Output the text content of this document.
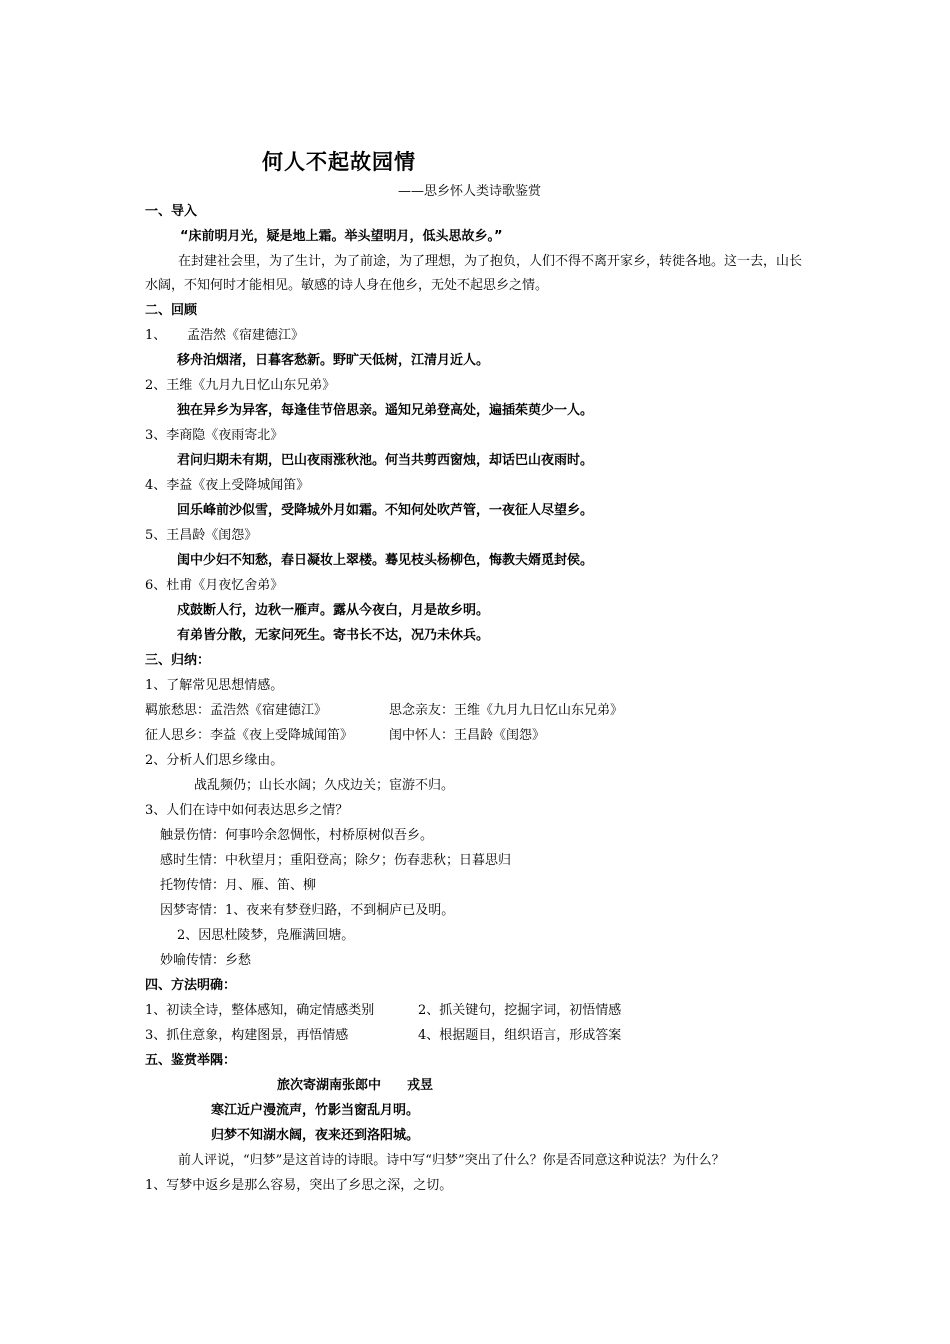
何人不起故园情
——思乡怀人类诗歌鉴赏
一、导入
“床前明月光，疑是地上霜。举头望明月，低头思故乡。”
在封建社会里，为了生计，为了前途，为了理想，为了抱负，人们不得不离开家乡，转徙各地。这一去，山长水阔，不知何时才能相见。敏感的诗人身在他乡，无处不起思乡之情。
二、回顾
1、 孟浩然《宿建德江》
移舟泊烟渚，日暮客愁新。野旷天低树，江清月近人。
2、王维《九月九日忆山东兄弟》
独在异乡为异客，每逢佳节倍思亲。遥知兄弟登高处，遍插茱萸少一人。
3、李商隐《夜雨寄北》
君问归期未有期，巴山夜雨涨秋池。何当共剪西窗烛，却话巴山夜雨时。
4、李益《夜上受降城闻笛》
回乐峰前沙似雪，受降城外月如霜。不知何处吹芦管，一夜征人尽望乡。
5、王昌龄《闺怨》
闺中少妇不知愁，春日凝妆上翠楼。蓦见枝头杨柳色，悔教夫婿觅封侯。
6、杜甫《月夜忆舍弟》
戍鼓断人行，边秋一雁声。露从今夜白，月是故乡明。
有弟皆分散，无家问死生。寄书长不达，况乃未休兵。
三、归纳：
1、了解常见思想情感。
羁旅愁思：孟浩然《宿建德江》	思念亲友：王维《九月九日忆山东兄弟》
征人思乡：李益《夜上受降城闻笛》	闺中怀人：王昌龄《闺怨》
2、分析人们思乡缘由。
战乱频仍；山长水阔；久戍边关；宦游不归。
3、人们在诗中如何表达思乡之情？
触景伤情：何事吟余忽惆怅，村桥原树似吾乡。
感时生情：中秋望月；重阳登高；除夕；伤春悲秋；日暮思归
托物传情：月、雁、笛、柳
因梦寄情：1、夜来有梦登归路，不到桐庐已及明。
2、因思杜陵梦，凫雁满回塘。
妙喻传情：乡愁
四、方法明确：
1、初读全诗，整体感知，确定情感类别	2、抓关键句，挖掘字词，初悟情感
3、抓住意象，构建图景，再悟情感	4、根据题目，组织语言，形成答案
五、鉴赏举隅：
旅次寄湖南张郎中 戎昱
寒江近户漫流声，竹影当窗乱月明。
归梦不知湖水阔，夜来还到洛阳城。
前人评说，“归梦”是这首诗的诗眼。诗中写“归梦”突出了什么？你是否同意这种说法？为什么？
1、写梦中返乡是那么容易，突出了乡思之深，之切。
